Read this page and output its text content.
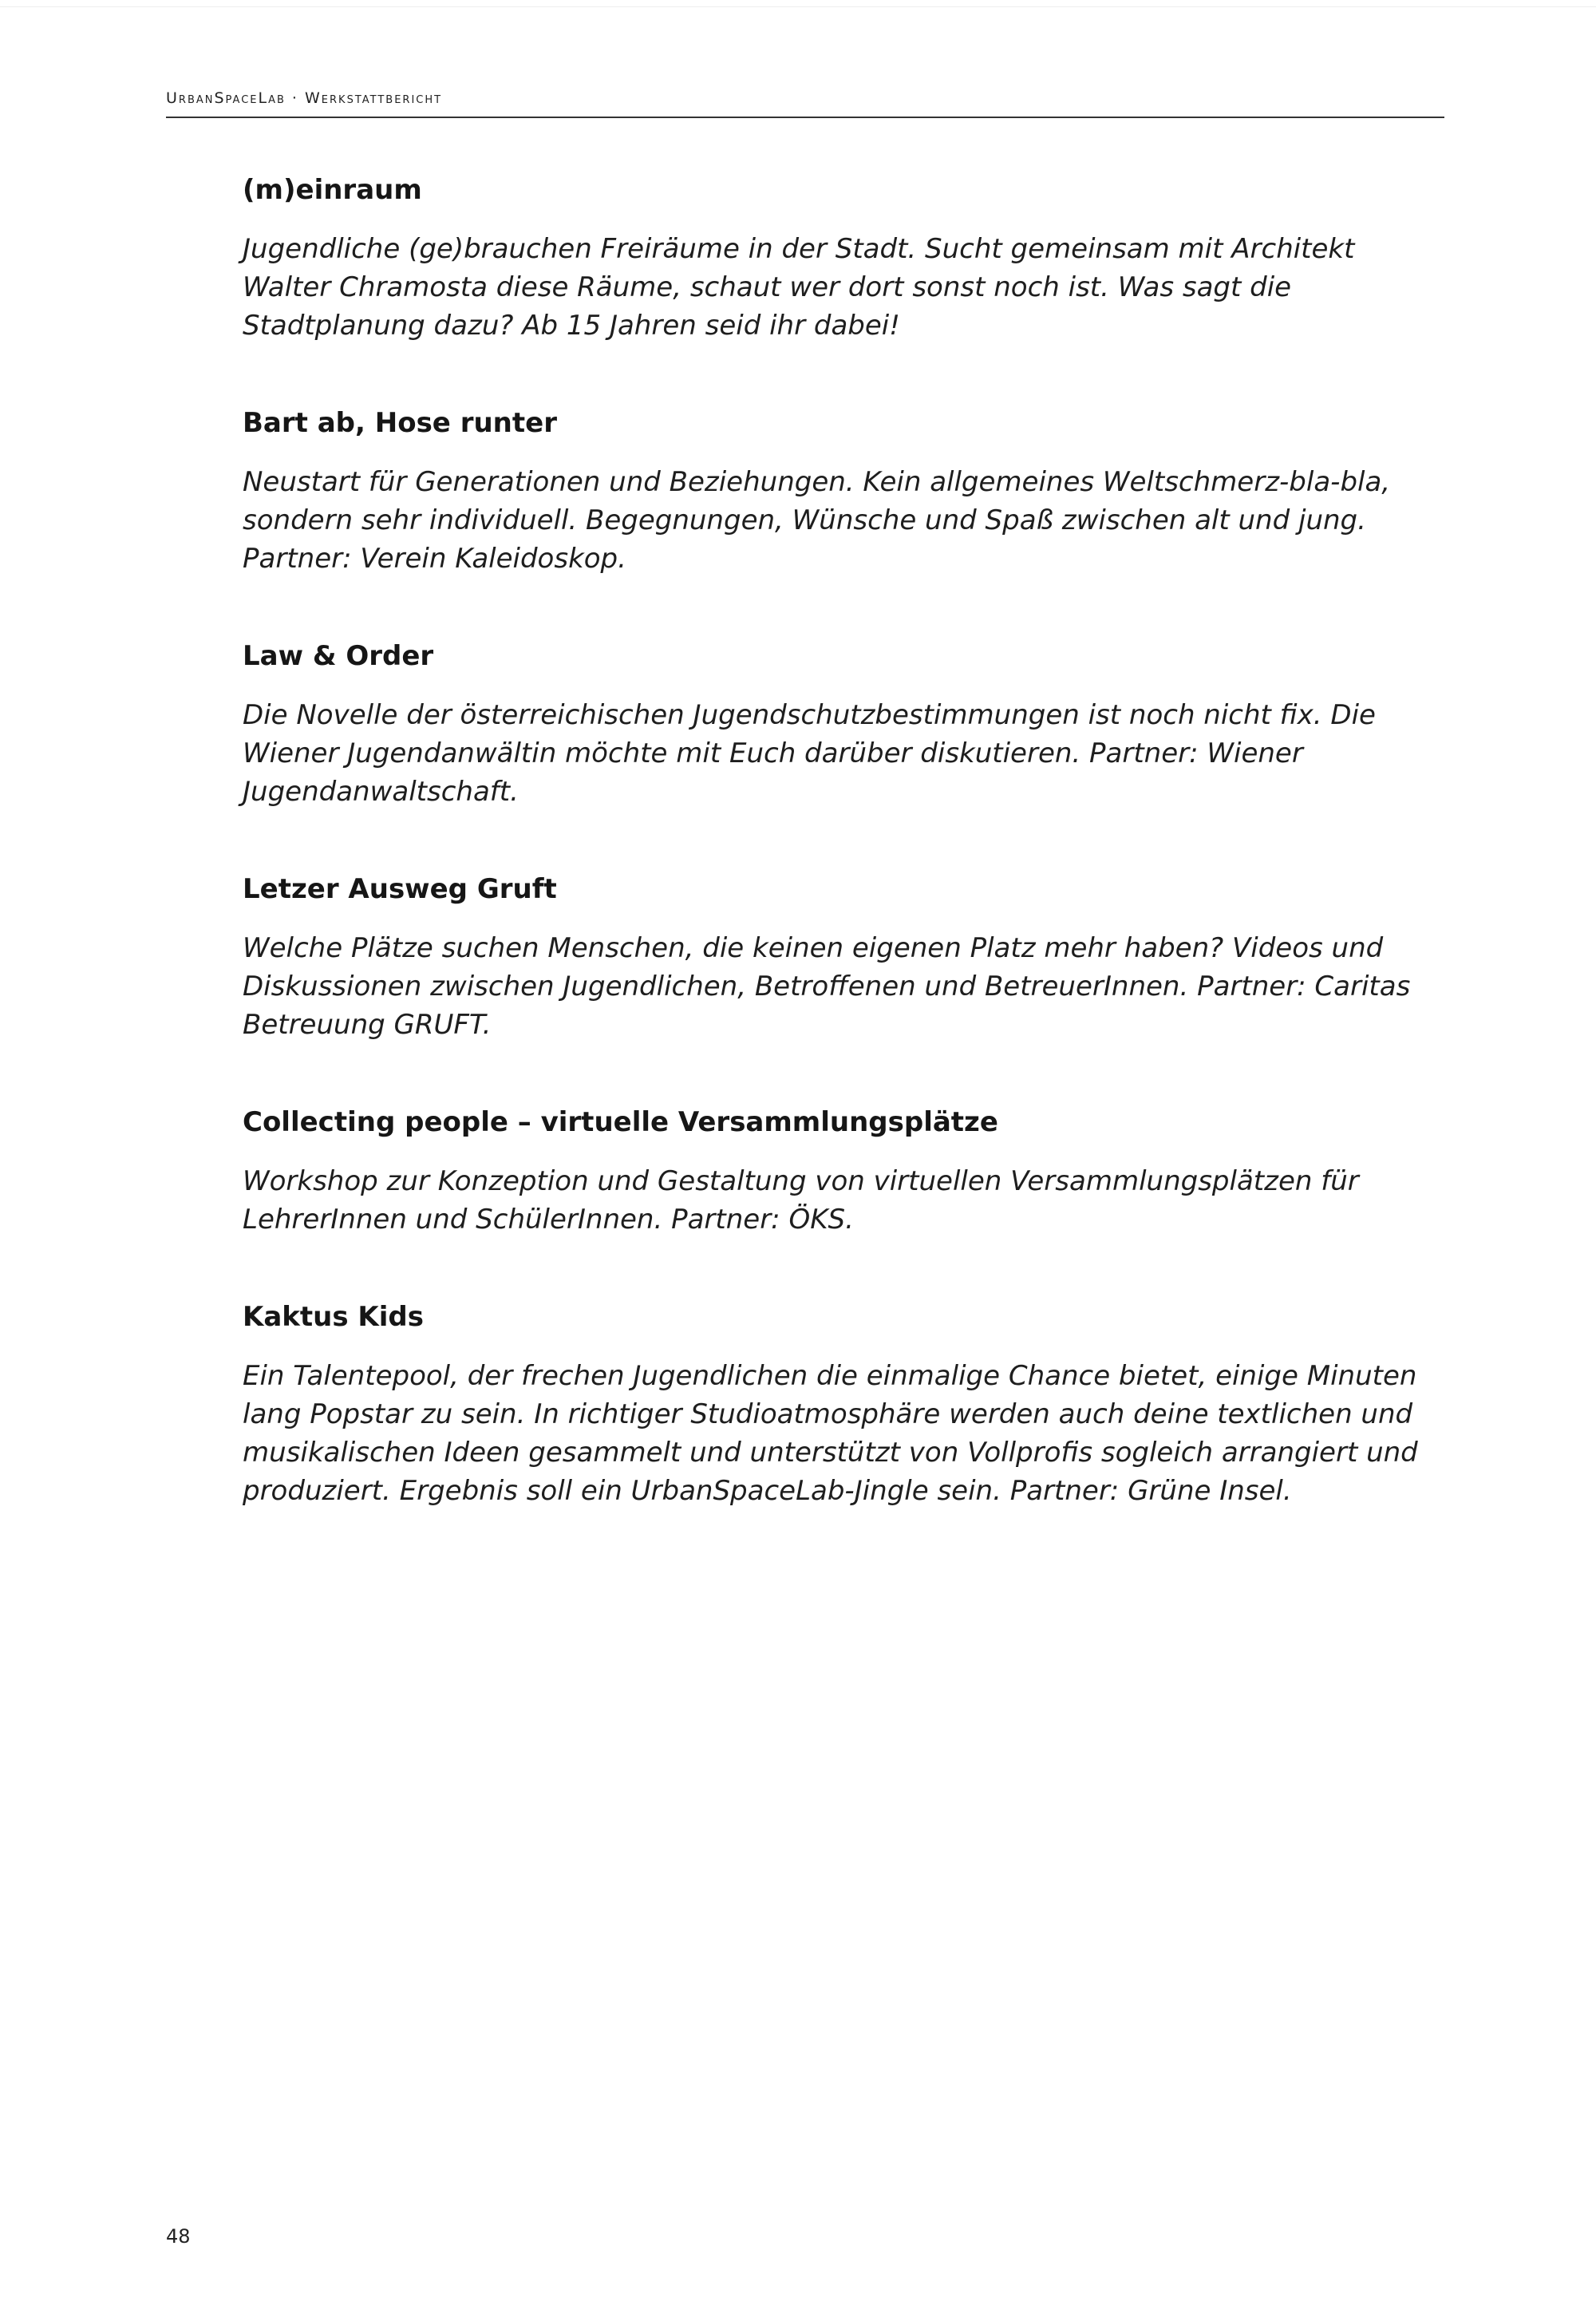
UrbanSpaceLab · Werkstattbericht
(m)einraum

Jugendliche (ge)brauchen Freiräume in der Stadt. Sucht gemeinsam mit Architekt Walter Chramosta diese Räume, schaut wer dort sonst noch ist. Was sagt die Stadtplanung dazu? Ab 15 Jahren seid ihr dabei!

Bart ab, Hose runter

Neustart für Generationen und Beziehungen. Kein allgemeines Weltschmerz-bla-bla, sondern sehr individuell. Begegnungen, Wünsche und Spaß zwischen alt und jung. Partner: Verein Kaleidoskop.

Law & Order

Die Novelle der österreichischen Jugendschutzbestimmungen ist noch nicht fix. Die Wiener Jugendanwältin möchte mit Euch darüber diskutieren. Partner: Wiener Jugendanwaltschaft.

Letzer Ausweg Gruft

Welche Plätze suchen Menschen, die keinen eigenen Platz mehr haben? Videos und Diskussionen zwischen Jugendlichen, Betroffenen und BetreuerInnen. Partner: Caritas Betreuung GRUFT.

Collecting people – virtuelle Versammlungsplätze

Workshop zur Konzeption und Gestaltung von virtuellen Versammlungsplätzen für LehrerInnen und SchülerInnen. Partner: ÖKS.

Kaktus Kids

Ein Talentepool, der frechen Jugendlichen die einmalige Chance bietet, einige Minuten lang Popstar zu sein. In richtiger Studioatmosphäre werden auch deine textlichen und musikalischen Ideen gesammelt und unterstützt von Vollprofis sogleich arrangiert und produziert. Ergebnis soll ein UrbanSpaceLab-Jingle sein. Partner: Grüne Insel.

48
